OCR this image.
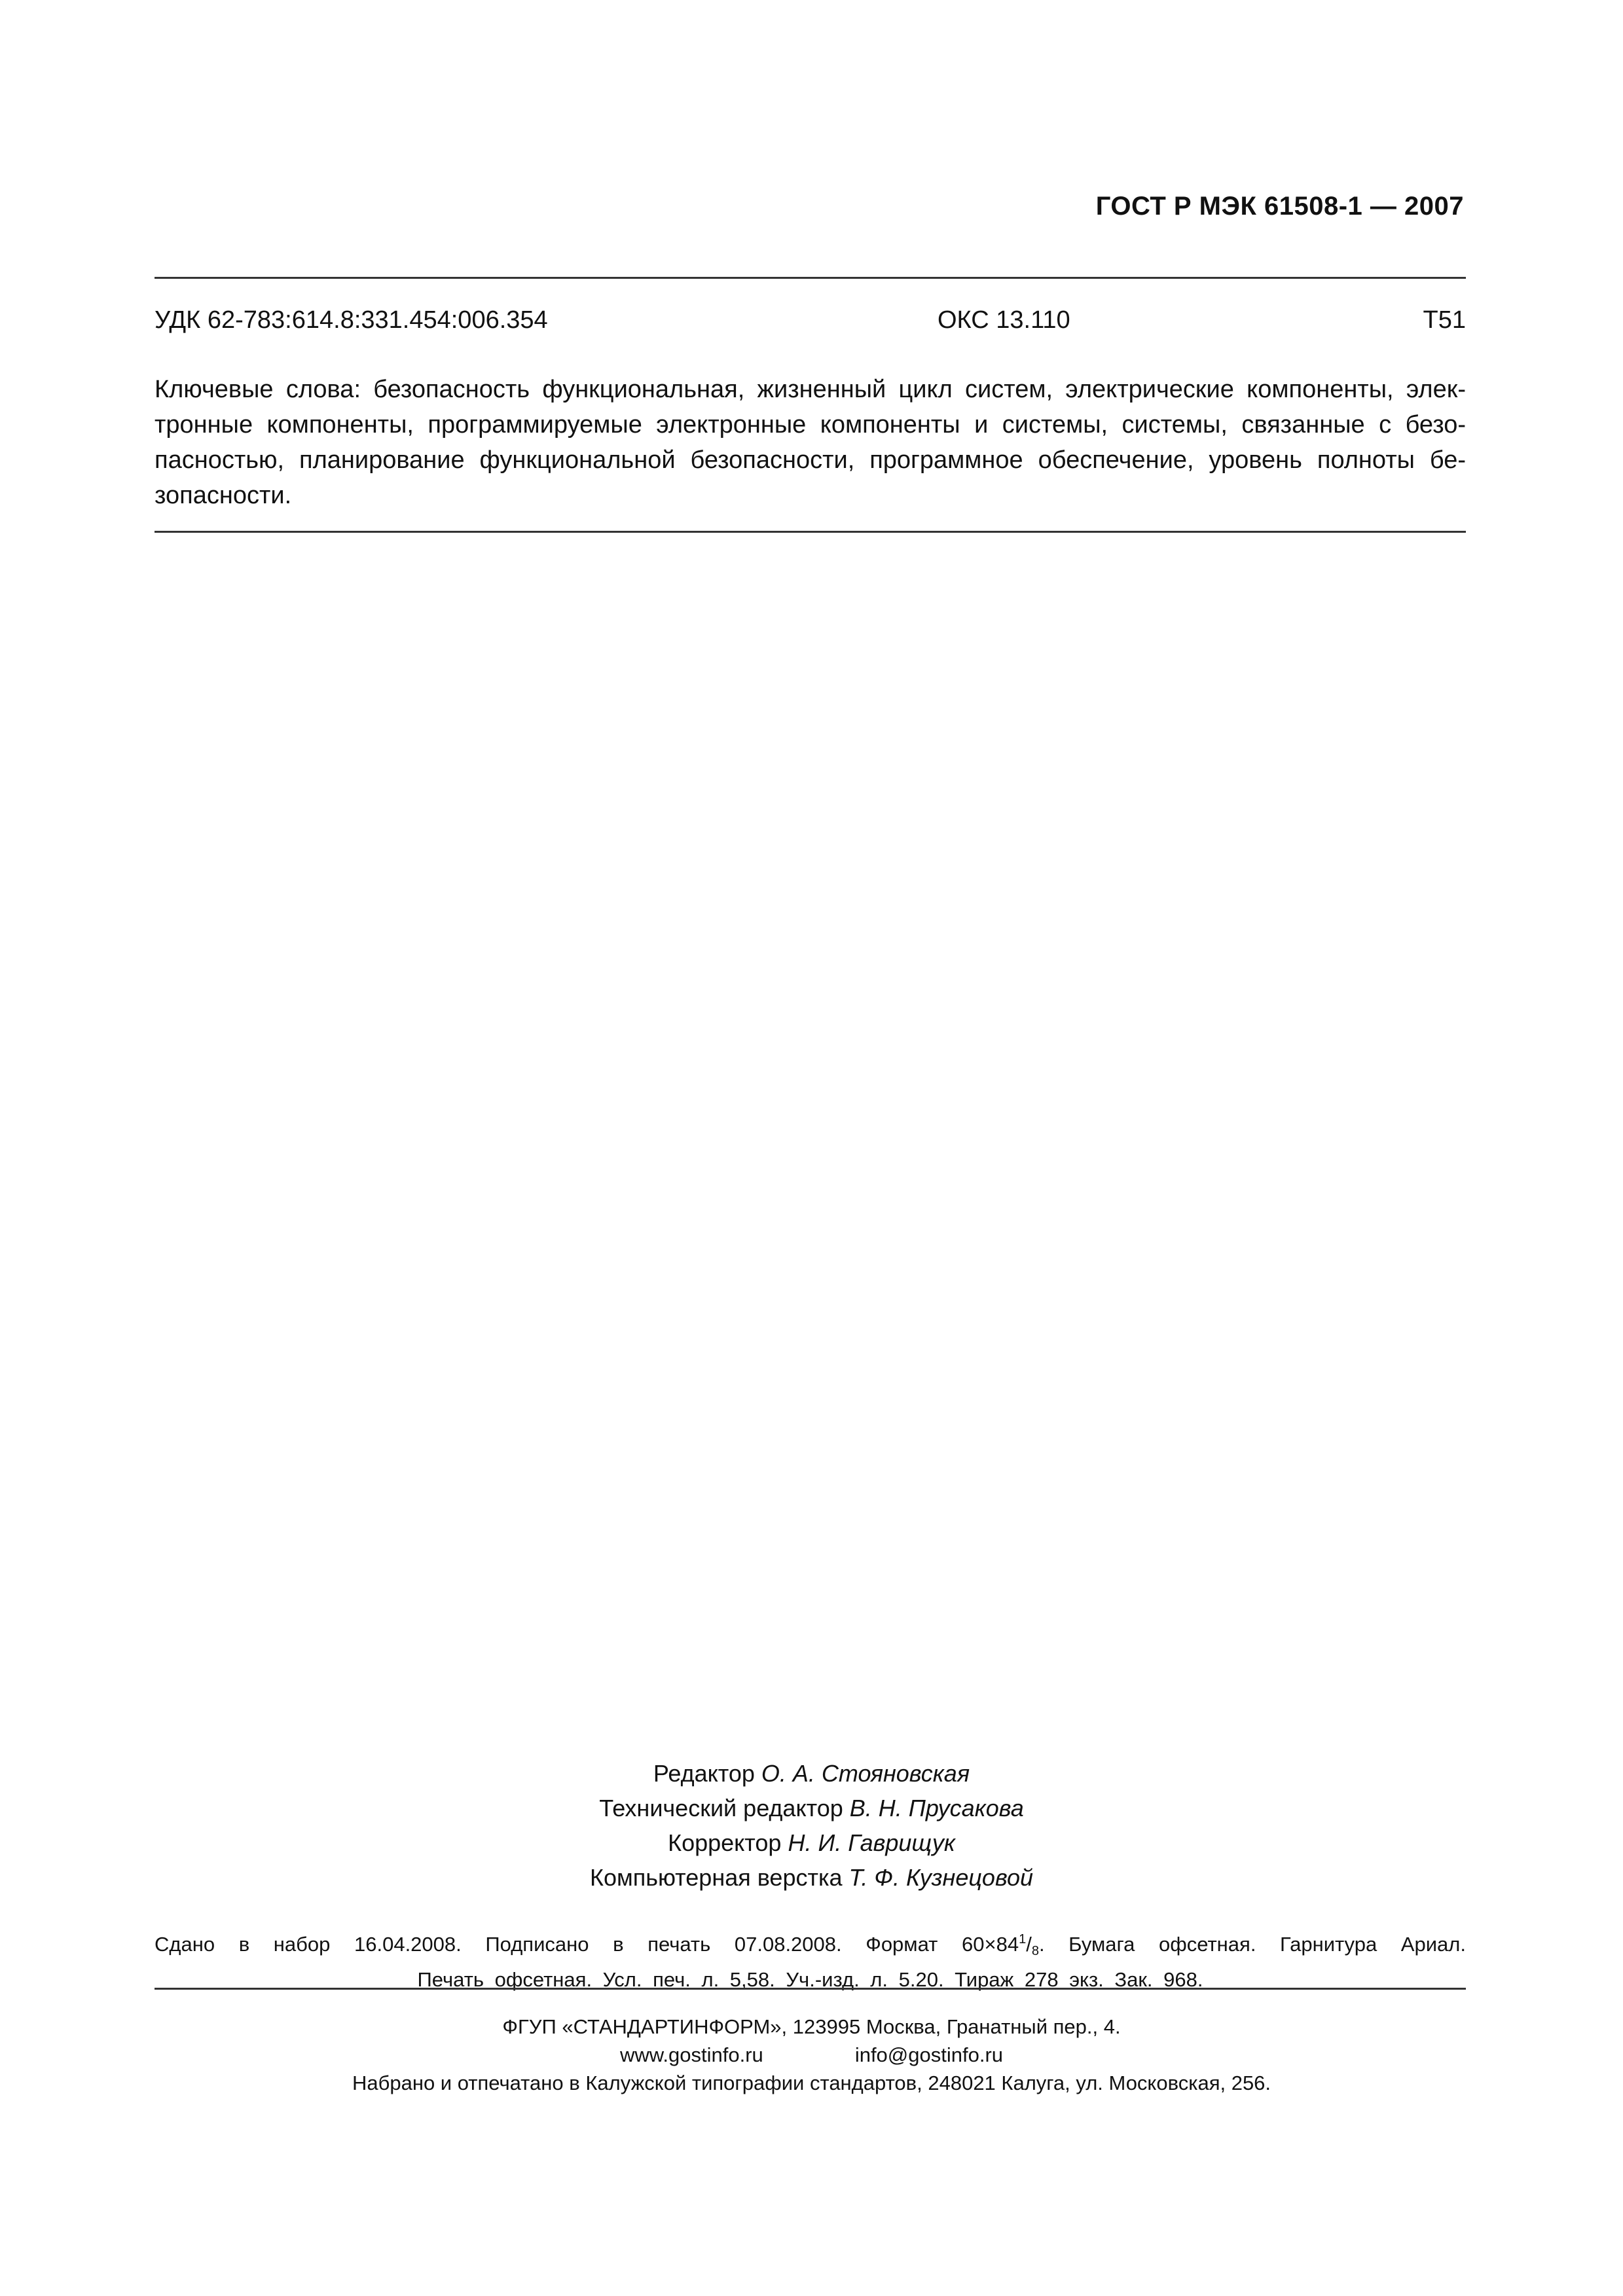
ГОСТ Р МЭК 61508-1 — 2007
УДК 62-783:614.8:331.454:006.354	ОКС 13.110	Т51
Ключевые слова: безопасность функциональная, жизненный цикл систем, электрические компоненты, элек-
тронные компоненты, программируемые электронные компоненты и системы, системы, связанные с безо-
пасностью, планирование функциональной безопасности, программное обеспечение, уровень полноты бе-
зопасности.
Редактор О. А. Стояновская
Технический редактор В. Н. Прусакова
Корректор Н. И. Гаврищук
Компьютерная верстка Т. Ф. Кузнецовой
Сдано в набор 16.04.2008. Подписано в печать 07.08.2008. Формат $60\times 84^1/_8$. Бумага офсетная. Гарнитура Ариал.
Печать офсетная. Усл. печ. л. 5,58. Уч.-изд. л. 5.20. Тираж 278 экз. Зак. 968.
ФГУП «СТАНДАРТИНФОРМ», 123995 Москва, Гранатный пер., 4.
www.gostinfo.ru	info@gostinfo.ru
Набрано и отпечатано в Калужской типографии стандартов, 248021 Калуга, ул. Московская, 256.
